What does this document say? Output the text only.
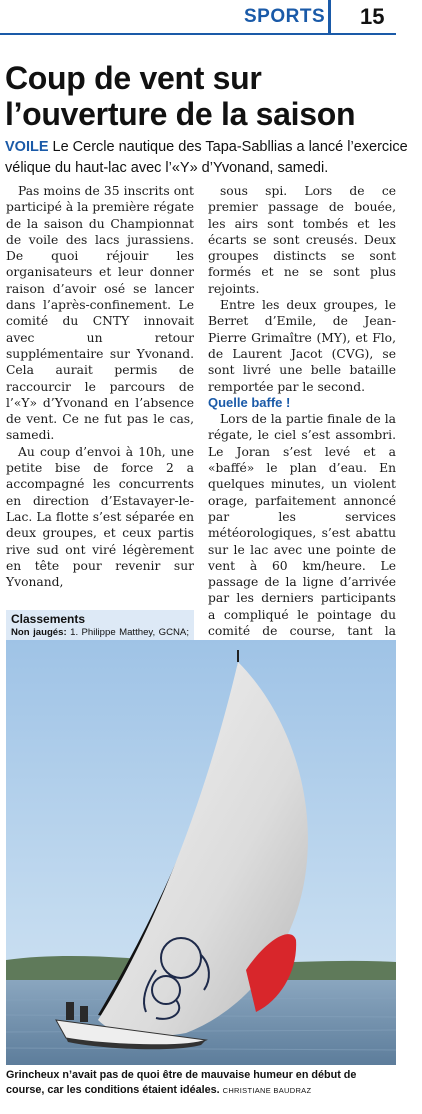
SPORTS 15
Coup de vent sur
l’ouverture de la saison
VOILE Le Cercle nautique des Tapa-Sabllias a lancé l’exercice vélique du haut-lac avec l’«Y» d’Yvonand, samedi.

Pas moins de 35 inscrits ont participé à la première régate de la saison du Championnat de voile des lacs jurassiens. De quoi réjouir les organisateurs et leur donner raison d’avoir osé se lancer dans l’après-confinement. Le comité du CNTY innovait avec un retour supplémentaire sur Yvonand. Cela aurait permis de raccourcir le parcours de l’«Y» d’Yvonand en l’absence de vent. Ce ne fut pas le cas, samedi.

Au coup d’envoi à 10h, une petite bise de force 2 a accompagné les concurrents en direction d’Estavayer-le-Lac. La flotte s’est séparée en deux groupes, et ceux partis rive sud ont viré légèrement en tête pour revenir sur Yvonand,

sous spi. Lors de ce premier passage de bouée, les airs sont tombés et les écarts se sont creusés. Deux groupes distincts se sont formés et ne se sont plus rejoints.

Entre les deux groupes, le Berret d’Emile, de Jean-Pierre Grimaître (MY), et Flo, de Laurent Jacot (CVG), se sont livré une belle bataille remportée par le second.

Quelle baffe !

Lors de la partie finale de la régate, le ciel s’est assombri. Le Joran s’est levé et a «baffé» le plan d’eau. En quelques minutes, un violent orage, parfaitement annoncé par les services météorologiques, s’est abattu sur le lac avec une pointe de vent à 60 km/heure. Le passage de la ligne d’arrivée par les derniers participants a compliqué le pointage du comité de course, tant la

Classements

Non jaugés: 1. Philippe Matthey, GCNA;

Grincheux n’avait pas de quoi être de mauvaise humeur en début de course, car les conditions étaient idéales. CHRISTIANE BAUDRAZ
